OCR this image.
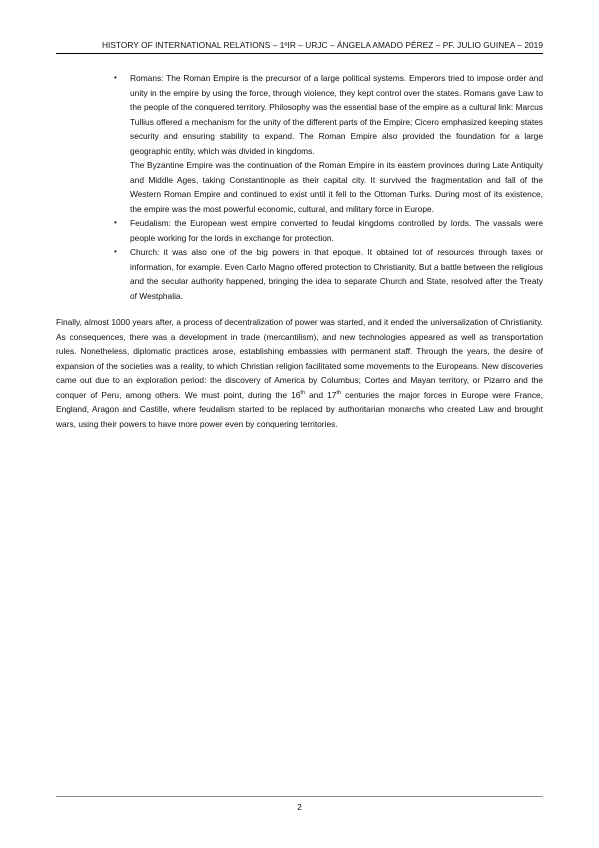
HISTORY OF INTERNATIONAL RELATIONS – 1ºIR – URJC – ÁNGELA AMADO PÉREZ – PF. JULIO GUINEA – 2019
•	Romans: The Roman Empire is the precursor of a large political systems. Emperors tried to impose order and unity in the empire by using the force, through violence, they kept control over the states. Romans gave Law to the people of the conquered territory. Philosophy was the essential base of the empire as a cultural link: Marcus Tullius offered a mechanism for the unity of the different parts of the Empire; Cicero emphasized keeping states security and ensuring stability to expand. The Roman Empire also provided the foundation for a large geographic entity, which was divided in kingdoms.

The Byzantine Empire was the continuation of the Roman Empire in its eastern provinces during Late Antiquity and Middle Ages, taking Constantinople as their capital city. It survived the fragmentation and fall of the Western Roman Empire and continued to exist until it fell to the Ottoman Turks. During most of its existence, the empire was the most powerful economic, cultural, and military force in Europe.

•	Feudalism: the European west empire converted to feudal kingdoms controlled by lords. The vassals were people working for the lords in exchange for protection.

•	Church: it was also one of the big powers in that epoque. It obtained lot of resources through taxes or information, for example. Even Carlo Magno offered protection to Christianity. But a battle between the religious and the secular authority happened, bringing the idea to separate Church and State, resolved after the Treaty of Westphalia.

Finally, almost 1000 years after, a process of decentralization of power was started, and it ended the universalization of Christianity. As consequences, there was a development in trade (mercantilism), and new technologies appeared as well as transportation rules. Nonetheless, diplomatic practices arose, establishing embassies with permanent staff. Through the years, the desire of expansion of the societies was a reality, to which Christian religion facilitated some movements to the Europeans. New discoveries came out due to an exploration period: the discovery of America by Columbus; Cortes and Mayan territory, or Pizarro and the conquer of Peru, among others. We must point, during the 16th and 17th centuries the major forces in Europe were France, England, Aragon and Castille, where feudalism started to be replaced by authoritarian monarchs who created Law and brought wars, using their powers to have more power even by conquering territories.

2
